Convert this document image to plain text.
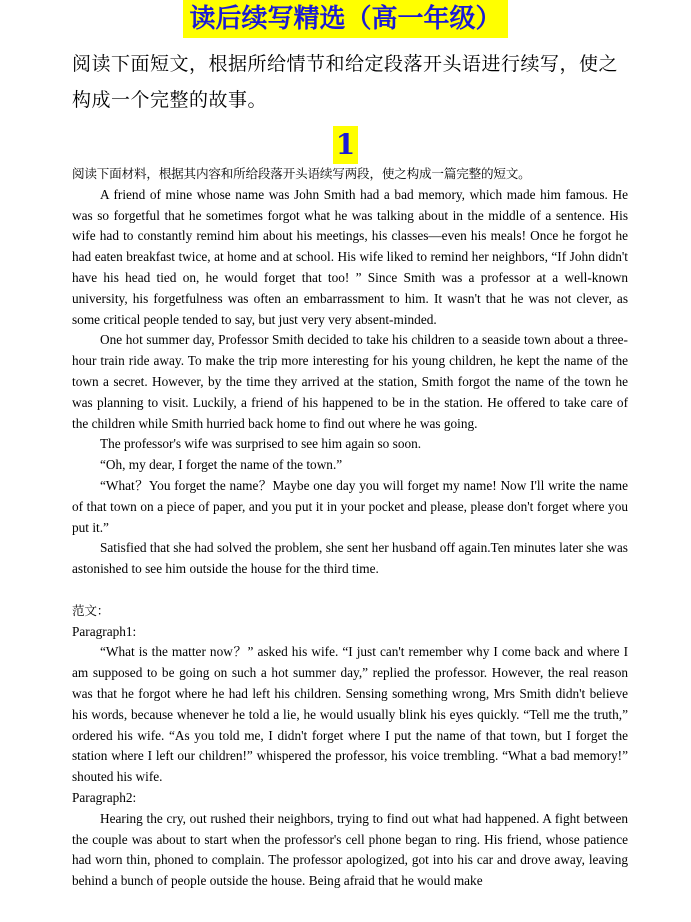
读后续写精选（高一年级）

阅读下面短文，根据所给情节和给定段落开头语进行续写，使之构成一个完整的故事。

1

阅读下面材料，根据其内容和所给段落开头语续写两段，使之构成一篇完整的短文。

A friend of mine whose name was John Smith had a bad memory, which made him famous. He was so forgetful that he sometimes forgot what he was talking about in the middle of a sentence. His wife had to constantly remind him about his meetings, his classes—even his meals! Once he forgot he had eaten breakfast twice, at home and at school. His wife liked to remind her neighbors, “If John didn't have his head tied on, he would forget that too! ” Since Smith was a professor at a well-known university, his forgetfulness was often an embarrassment to him. It wasn't that he was not clever, as some critical people tended to say, but just very very absent-minded.

One hot summer day, Professor Smith decided to take his children to a seaside town about a three- hour train ride away. To make the trip more interesting for his young children, he kept the name of the town a secret. However, by the time they arrived at the station, Smith forgot the name of the town he was planning to visit. Luckily, a friend of his happened to be in the station. He offered to take care of the children while Smith hurried back home to find out where he was going.

The professor's wife was surprised to see him again so soon.

“Oh, my dear, I forget the name of the town.”

“What？You forget the name？Maybe one day you will forget my name! Now I'll write the name of that town on a piece of paper, and you put it in your pocket and please, please don't forget where you put it.”

Satisfied that she had solved the problem, she sent her husband off again.Ten minutes later she was astonished to see him outside the house for the third time.

范文：

Paragraph1:

“What is the matter now？” asked his wife. “I just can't remember why I come back and where I am supposed to be going on such a hot summer day,” replied the professor. However, the real reason was that he forgot where he had left his children. Sensing something wrong, Mrs Smith didn't believe his words, because whenever he told a lie, he would usually blink his eyes quickly. “Tell me the truth,” ordered his wife. “As you told me, I didn't forget where I put the name of that town, but I forget the station where I left our children!” whispered the professor, his voice trembling. “What a bad memory!” shouted his wife.

Paragraph2:

Hearing the cry, out rushed their neighbors, trying to find out what had happened. A fight between the couple was about to start when the professor's cell phone began to ring. His friend, whose patience had worn thin, phoned to complain. The professor apologized, got into his car and drove away, leaving behind a bunch of people outside the house. Being afraid that he would make
